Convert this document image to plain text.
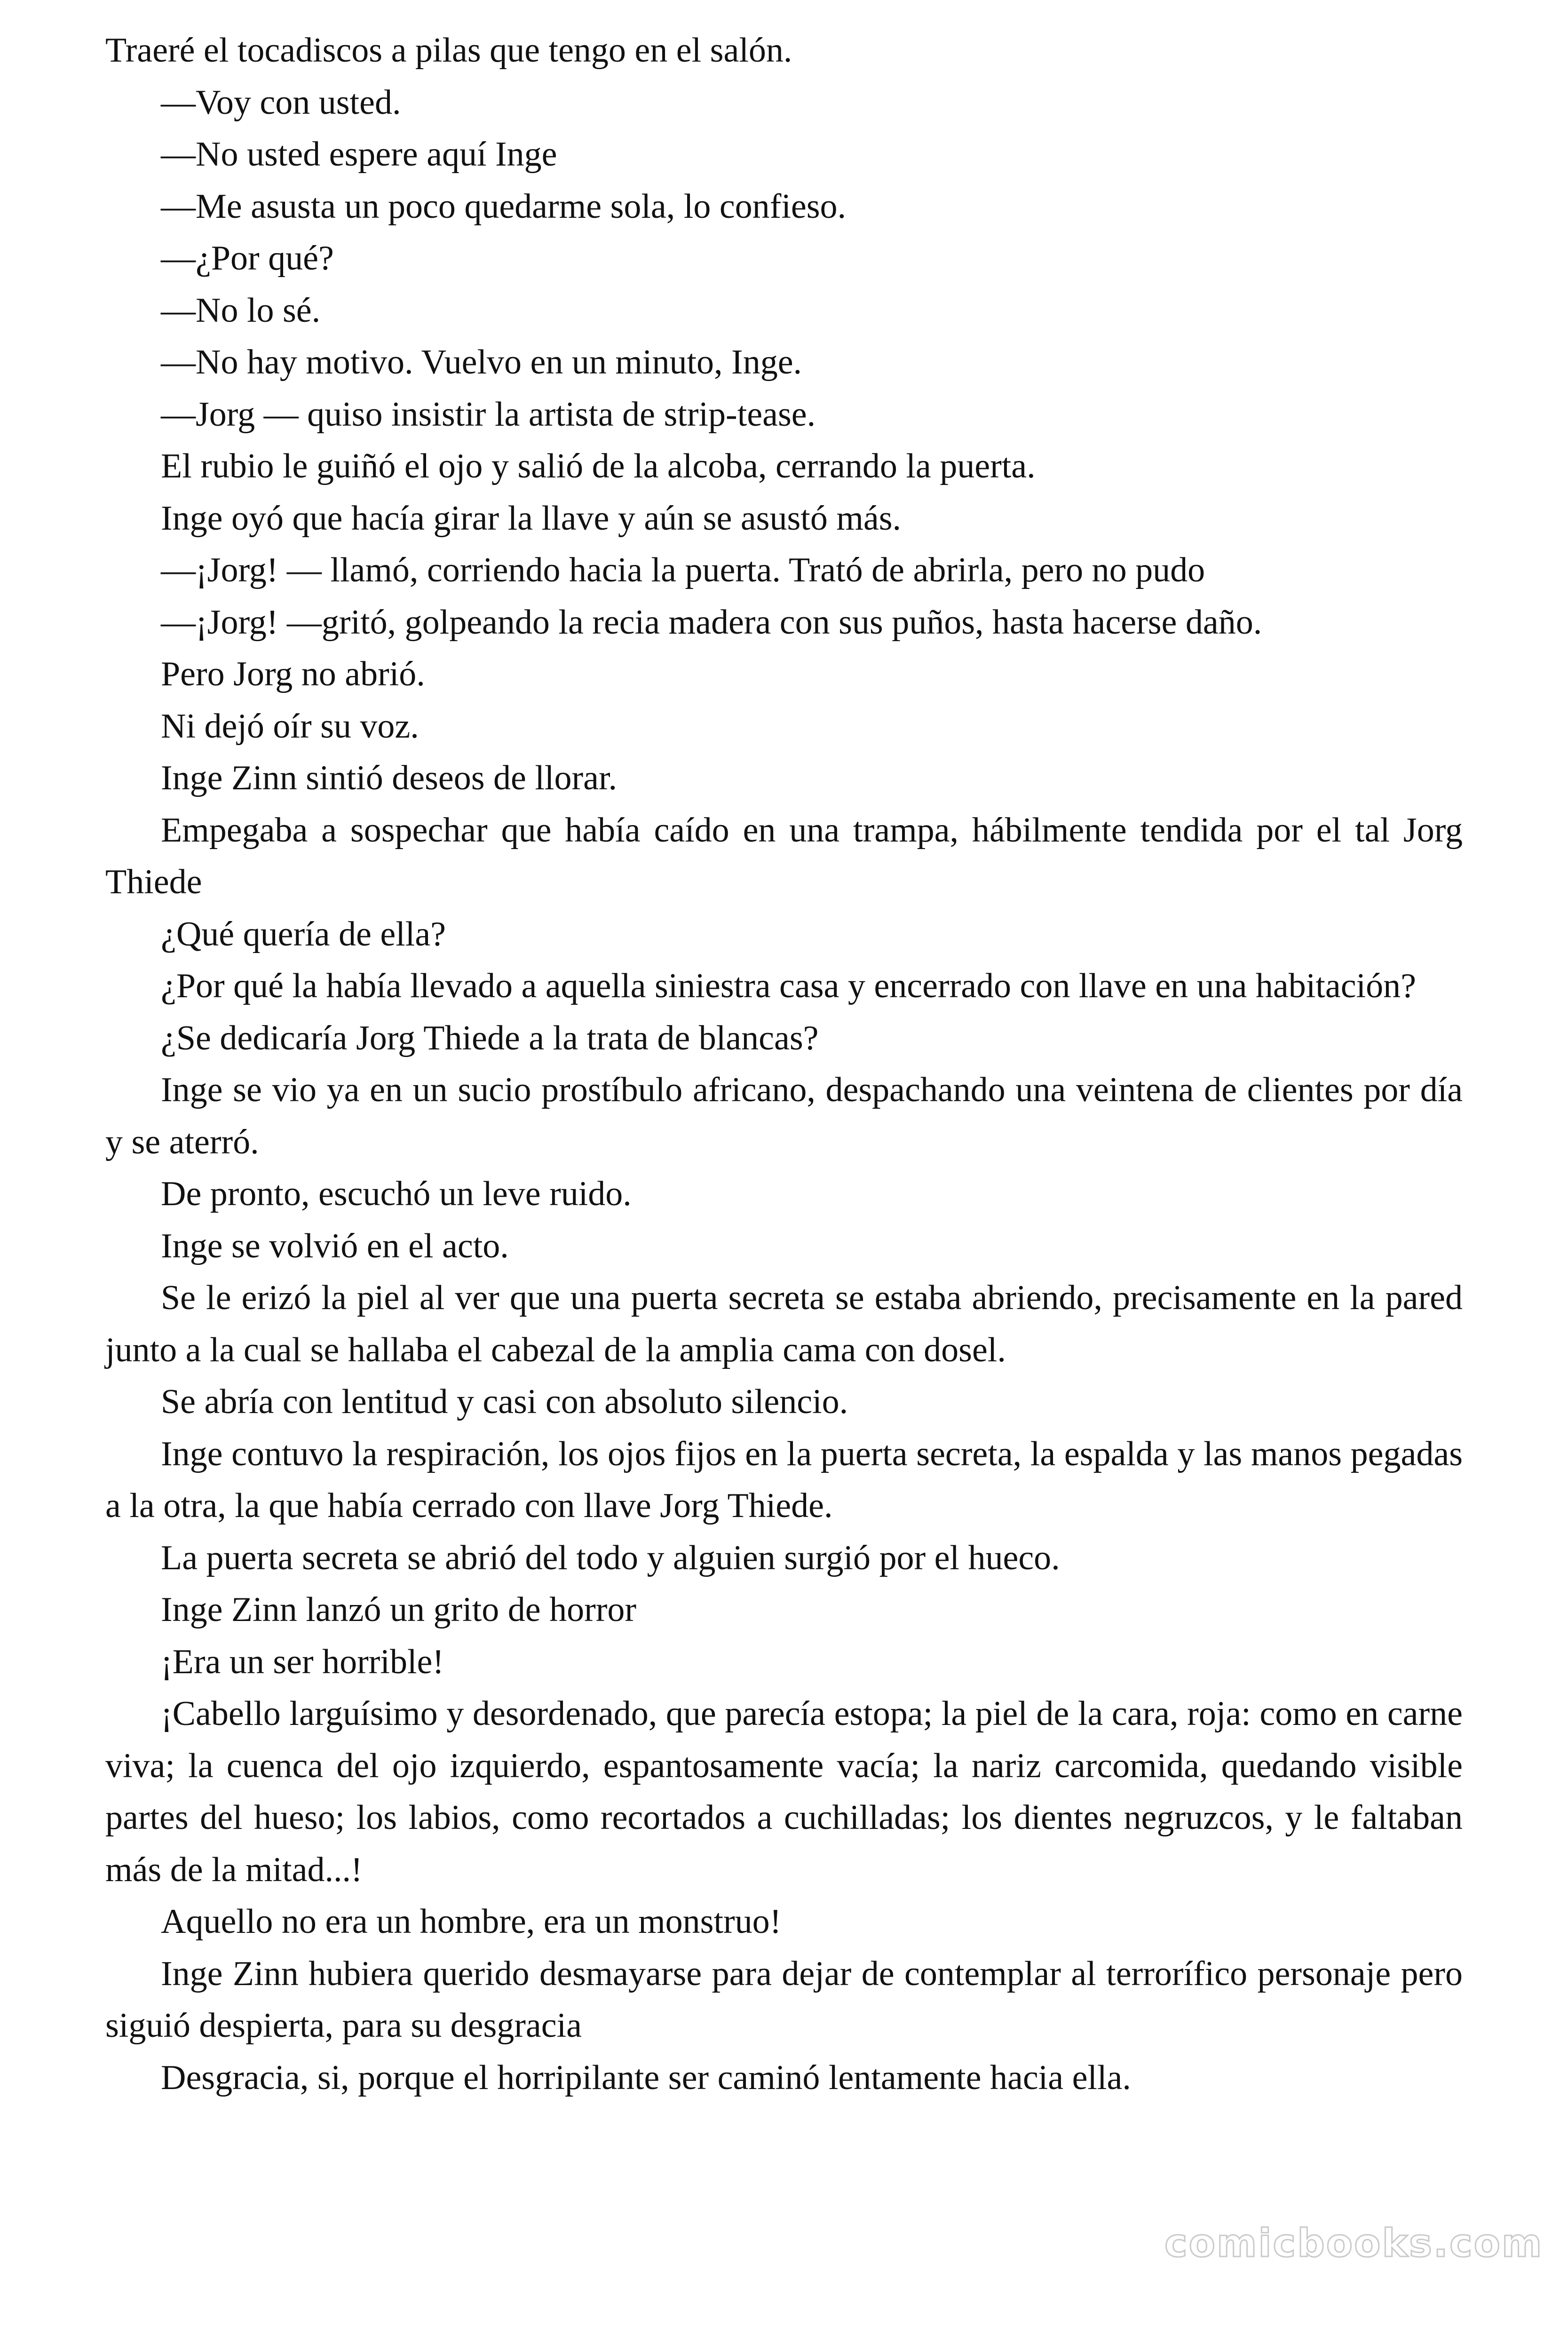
Traeré el tocadiscos a pilas que tengo en el salón.

—Voy con usted.

—No usted espere aquí Inge

—Me asusta un poco quedarme sola, lo confieso.

—¿Por qué?

—No lo sé.

—No hay motivo. Vuelvo en un minuto, Inge.

—Jorg — quiso insistir la artista de strip-tease.

El rubio le guiñó el ojo y salió de la alcoba, cerrando la puerta.

Inge oyó que hacía girar la llave y aún se asustó más.

—¡Jorg! — llamó, corriendo hacia la puerta. Trató de abrirla, pero no pudo

—¡Jorg! —gritó, golpeando la recia madera con sus puños, hasta hacerse daño.

Pero Jorg no abrió.

Ni dejó oír su voz.

Inge Zinn sintió deseos de llorar.

Empegaba a sospechar que había caído en una trampa, hábilmente tendida por el tal Jorg Thiede

¿Qué quería de ella?

¿Por qué la había llevado a aquella siniestra casa y encerrado con llave en una habitación?

¿Se dedicaría Jorg Thiede a la trata de blancas?

Inge se vio ya en un sucio prostíbulo africano, despachando una veintena de clientes por día y se aterró.

De pronto, escuchó un leve ruido.

Inge se volvió en el acto.

Se le erizó la piel al ver que una puerta secreta se estaba abriendo, precisamente en la pared junto a la cual se hallaba el cabezal de la amplia cama con dosel.

Se abría con lentitud y casi con absoluto silencio.

Inge contuvo la respiración, los ojos fijos en la puerta secreta, la espalda y las manos pegadas a la otra, la que había cerrado con llave Jorg Thiede.

La puerta secreta se abrió del todo y alguien surgió por el hueco.

Inge Zinn lanzó un grito de horror

¡Era un ser horrible!

¡Cabello larguísimo y desordenado, que parecía estopa; la piel de la cara, roja: como en carne viva; la cuenca del ojo izquierdo, espantosamente vacía; la nariz carcomida, quedando visible partes del hueso; los labios, como recortados a cuchilladas; los dientes negruzcos, y le faltaban más de la mitad...!

Aquello no era un hombre, era un monstruo!

Inge Zinn hubiera querido desmayarse para dejar de contemplar al terrorífico personaje pero siguió despierta, para su desgracia

Desgracia, si, porque el horripilante ser caminó lentamente hacia ella.

comicbooks.com
